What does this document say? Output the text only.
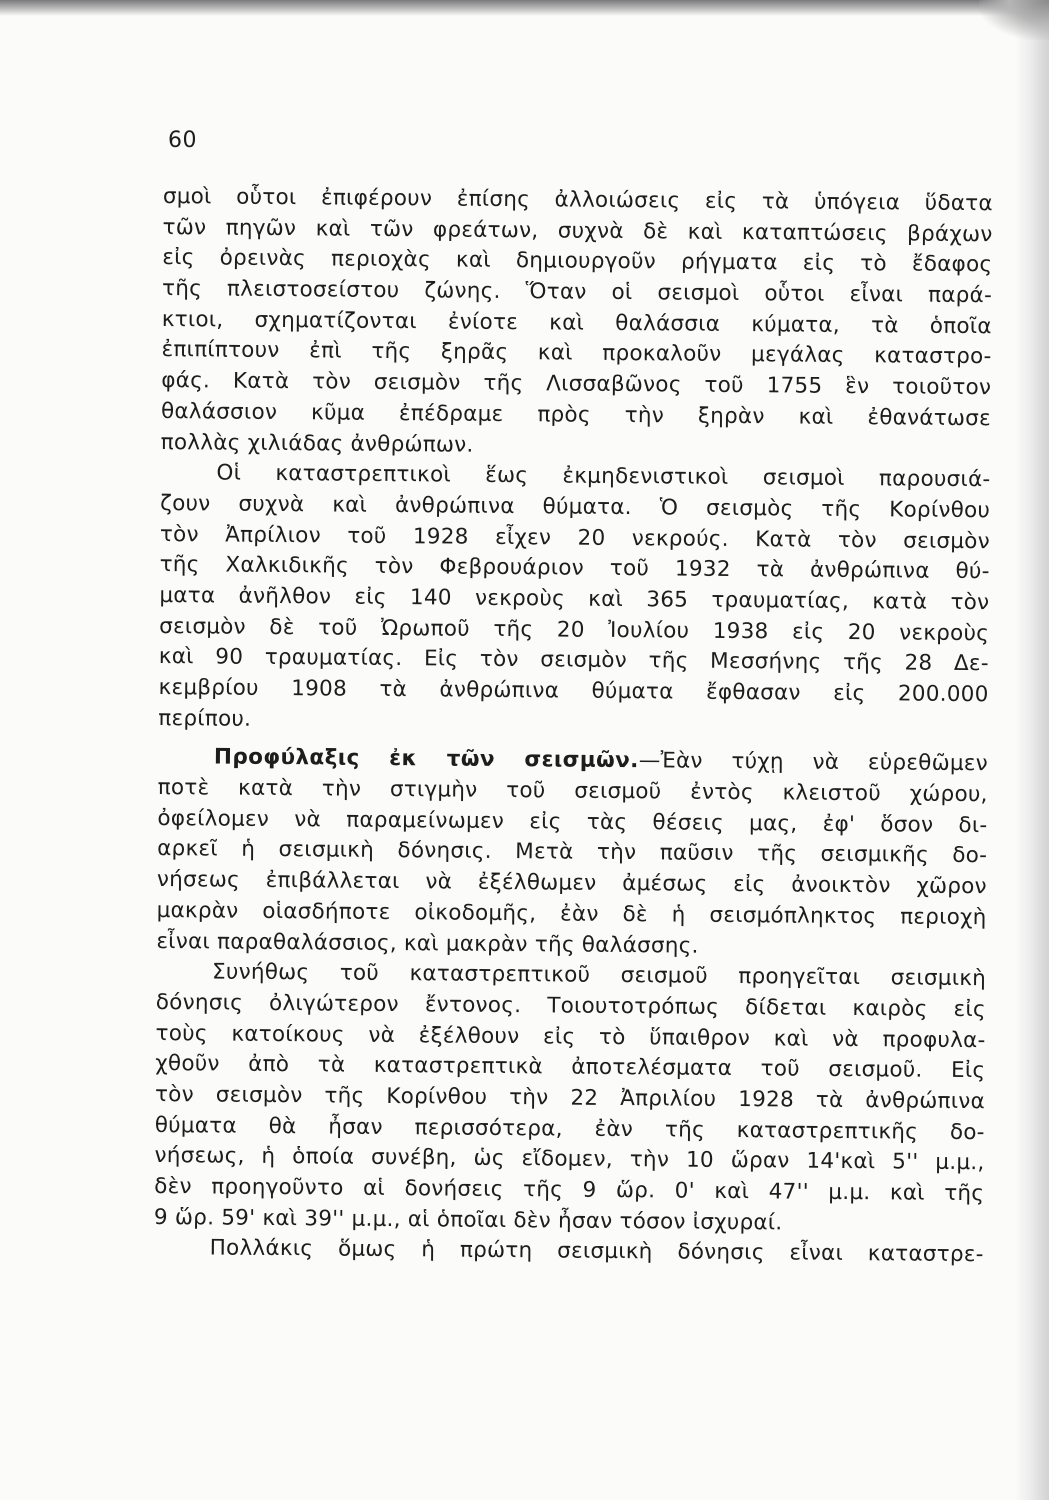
60
σμοὶ οὗτοι ἐπιφέρουν ἐπίσης ἀλλοιώσεις εἰς τὰ ὑπόγεια ὕδατα
τῶν πηγῶν καὶ τῶν φρεάτων, συχνὰ δὲ καὶ καταπτώσεις βράχων
εἰς ὀρεινὰς περιοχὰς καὶ δημιουργοῦν ρήγματα εἰς τὸ ἔδαφος
τῆς πλειστοσείστου ζώνης. Ὅταν οἱ σεισμοὶ οὗτοι εἶναι παρά-
κτιοι, σχηματίζονται ἐνίοτε καὶ θαλάσσια κύματα, τὰ ὁποῖα
ἐπιπίπτουν ἐπὶ τῆς ξηρᾶς καὶ προκαλοῦν μεγάλας καταστρο-
φάς. Κατὰ τὸν σεισμὸν τῆς Λισσαβῶνος τοῦ 1755 ἓν τοιοῦτον
θαλάσσιον κῦμα ἐπέδραμε πρὸς τὴν ξηρὰν καὶ ἐθανάτωσε
πολλὰς χιλιάδας ἀνθρώπων.
Οἱ καταστρεπτικοὶ ἕως ἐκμηδενιστικοὶ σεισμοὶ παρουσιά-
ζουν συχνὰ καὶ ἀνθρώπινα θύματα. Ὁ σεισμὸς τῆς Κορίνθου
τὸν Ἀπρίλιον τοῦ 1928 εἶχεν 20 νεκρούς. Κατὰ τὸν σεισμὸν
τῆς Χαλκιδικῆς τὸν Φεβρουάριον τοῦ 1932 τὰ ἀνθρώπινα θύ-
ματα ἀνῆλθον εἰς 140 νεκροὺς καὶ 365 τραυματίας, κατὰ τὸν
σεισμὸν δὲ τοῦ Ὠρωποῦ τῆς 20 Ἰουλίου 1938 εἰς 20 νεκροὺς
καὶ 90 τραυματίας. Εἰς τὸν σεισμὸν τῆς Μεσσήνης τῆς 28 Δε-
κεμβρίου 1908 τὰ ἀνθρώπινα θύματα ἔφθασαν εἰς 200.000
περίπου.
Προφύλαξις ἐκ τῶν σεισμῶν.—Ἐὰν τύχῃ νὰ εὑρεθῶμεν
ποτὲ κατὰ τὴν στιγμὴν τοῦ σεισμοῦ ἐντὸς κλειστοῦ χώρου,
ὀφείλομεν νὰ παραμείνωμεν εἰς τὰς θέσεις μας, ἐφ' ὅσον δι-
αρκεῖ ἡ σεισμικὴ δόνησις. Μετὰ τὴν παῦσιν τῆς σεισμικῆς δο-
νήσεως ἐπιβάλλεται νὰ ἐξέλθωμεν ἀμέσως εἰς ἀνοικτὸν χῶρον
μακρὰν οἱασδήποτε οἰκοδομῆς, ἐὰν δὲ ἡ σεισμόπληκτος περιοχὴ
εἶναι παραθαλάσσιος, καὶ μακρὰν τῆς θαλάσσης.
Συνήθως τοῦ καταστρεπτικοῦ σεισμοῦ προηγεῖται σεισμικὴ
δόνησις ὀλιγώτερον ἔντονος. Τοιουτοτρόπως δίδεται καιρὸς εἰς
τοὺς κατοίκους νὰ ἐξέλθουν εἰς τὸ ὕπαιθρον καὶ νὰ προφυλα-
χθοῦν ἀπὸ τὰ καταστρεπτικὰ ἀποτελέσματα τοῦ σεισμοῦ. Εἰς
τὸν σεισμὸν τῆς Κορίνθου τὴν 22 Ἀπριλίου 1928 τὰ ἀνθρώπινα
θύματα θὰ ἦσαν περισσότερα, ἐὰν τῆς καταστρεπτικῆς δο-
νήσεως, ἡ ὁποία συνέβη, ὡς εἴδομεν, τὴν 10 ὥραν 14'καὶ 5'' μ.μ.,
δὲν προηγοῦντο αἱ δονήσεις τῆς 9 ὥρ. 0' καὶ 47'' μ.μ. καὶ τῆς
9 ὥρ. 59' καὶ 39'' μ.μ., αἱ ὁποῖαι δὲν ἦσαν τόσον ἰσχυραί.
Πολλάκις ὅμως ἡ πρώτη σεισμικὴ δόνησις εἶναι καταστρε-
